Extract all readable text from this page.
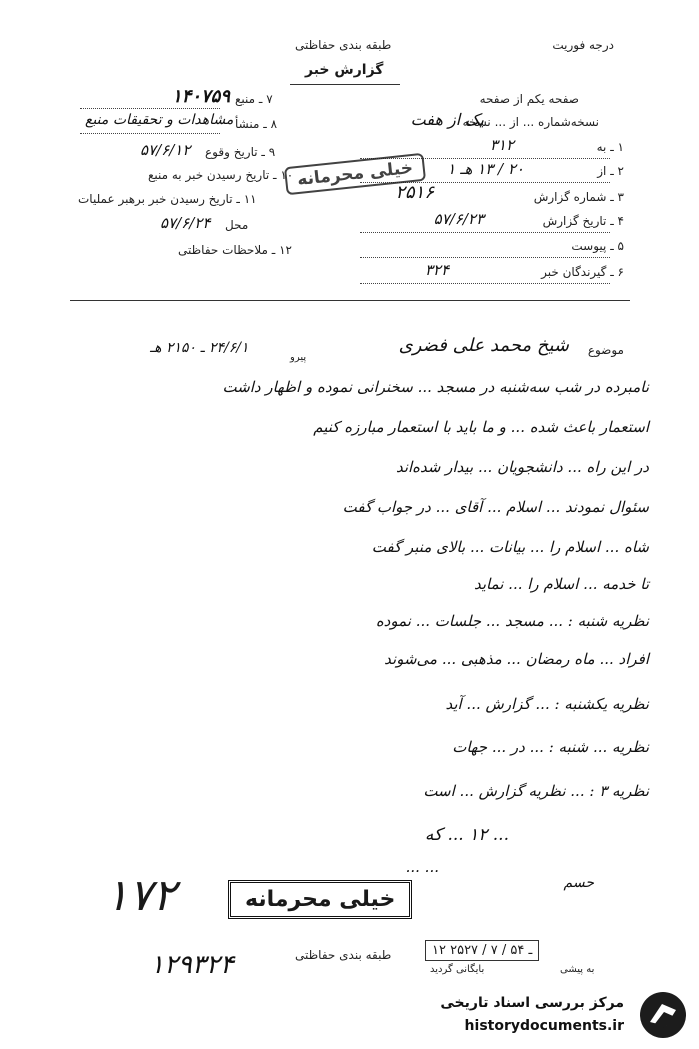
درجه فوریت
طبقه بندی حفاظتی
گزارش خبر
صفحه یکم از صفحه
نسخه‌شماره ... از ... نسخه
یک از هفت
۷ ـ منبع
۱۴۰۷۵۹
۸ ـ منشأ
مشاهدات و تحقیقات منبع
۹ ـ تاریخ وقوع
۵۷/۶/۱۲
۱۰ ـ تاریخ رسیدن خبر به منبع
۱۱ ـ تاریخ رسیدن خبر برهبر عملیات
محل
۵۷/۶/۲۴
۱۲ ـ ملاحظات حفاظتی
۱ ـ به
۳۱۲
۲ ـ از
۲۰ / ۱۳ هـ ۱
۳ ـ شماره گزارش
۲۵۱۶
۴ ـ تاریخ گزارش
۵۷/۶/۲۳
۵ ـ پیوست
۶ ـ گیرندگان خبر
۳۲۴
خیلی محرمانه
موضوع
شیخ محمد علی فضری
۲۴/۶/۱ ـ ۲۱۵۰ هـ
پیرو
نامبرده در شب سه‌شنبه در مسجد ... سخنرانی نموده و اظهار داشت
استعمار باعث شده ... و ما باید با استعمار مبارزه کنیم
در این راه ... دانشجویان ... بیدار شده‌اند
سئوال نمودند ... اسلام ... آقای ... در جواب گفت
شاه ... اسلام را ... بیانات ... بالای منبر گفت
تا خدمه ... اسلام را ... نماید
نظریه شنبه : ... مسجد ... جلسات ... نموده
افراد ... ماه رمضان ... مذهبی ... می‌شوند
نظریه یکشنبه : ... گزارش ... آید
نظریه ... شنبه : ... در ... جهات
نظریه ۳ : ... نظریه گزارش ... است
... ۱۲ ... که
... ...
حسم
۱۷۲	خیلی محرمانه
۱۲۹۳۲۴	طبقه بندی حفاظتی	۱۲ ـ ۵۴ / ۷ / ۲۵۲۷
بایگانی گردید	به پیشی
مرکز بررسی اسناد تاریخی
historydocuments.ir
